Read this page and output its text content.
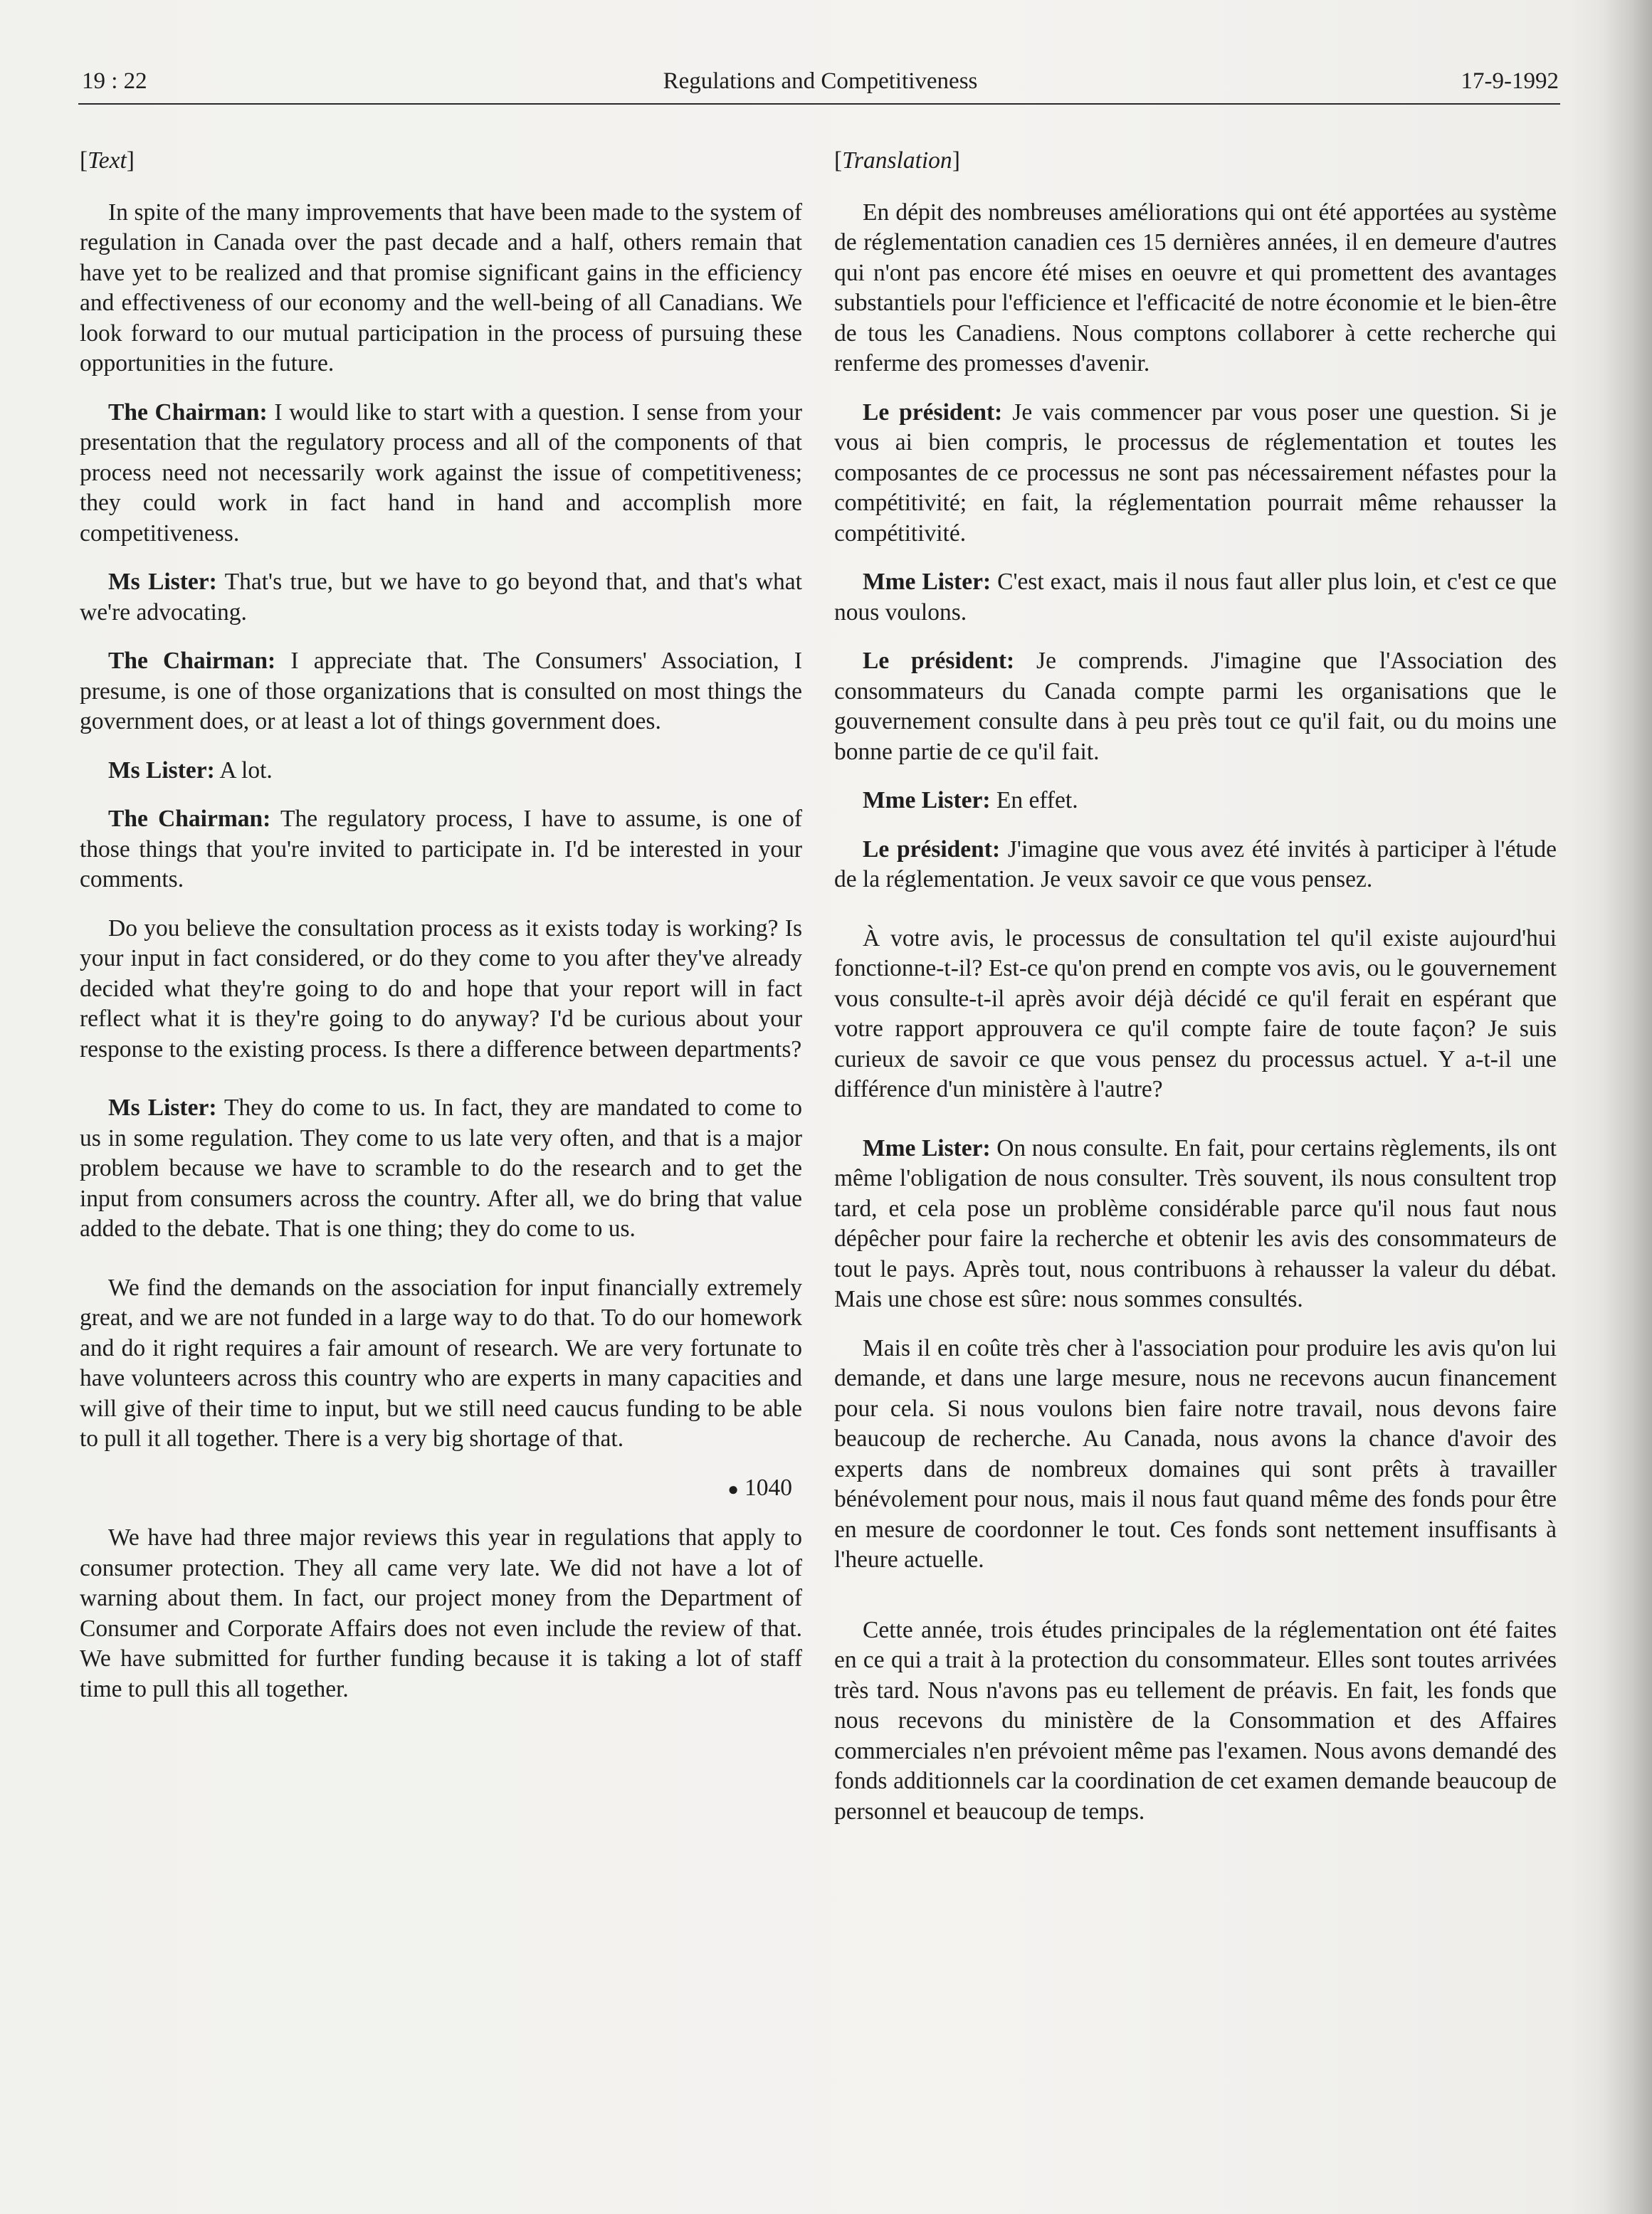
Regulations and Competitiveness
19 : 22	17-9-1992

[Text]

In spite of the many improvements that have been made to the system of regulation in Canada over the past decade and a half, others remain that have yet to be realized and that promise significant gains in the efficiency and effectiveness of our economy and the well-being of all Canadians. We look forward to our mutual participation in the process of pursuing these opportunities in the future.

The Chairman: I would like to start with a question. I sense from your presentation that the regulatory process and all of the components of that process need not necessarily work against the issue of competitiveness; they could work in fact hand in hand and accomplish more competitiveness.

Ms Lister: That's true, but we have to go beyond that, and that's what we're advocating.

The Chairman: I appreciate that. The Consumers' Association, I presume, is one of those organizations that is consulted on most things the government does, or at least a lot of things government does.

Ms Lister: A lot.

The Chairman: The regulatory process, I have to assume, is one of those things that you're invited to participate in. I'd be interested in your comments.

Do you believe the consultation process as it exists today is working? Is your input in fact considered, or do they come to you after they've already decided what they're going to do and hope that your report will in fact reflect what it is they're going to do anyway? I'd be curious about your response to the existing process. Is there a difference between departments?

Ms Lister: They do come to us. In fact, they are mandated to come to us in some regulation. They come to us late very often, and that is a major problem because we have to scramble to do the research and to get the input from consumers across the country. After all, we do bring that value added to the debate. That is one thing; they do come to us.

We find the demands on the association for input financially extremely great, and we are not funded in a large way to do that. To do our homework and do it right requires a fair amount of research. We are very fortunate to have volunteers across this country who are experts in many capacities and will give of their time to input, but we still need caucus funding to be able to pull it all together. There is a very big shortage of that.

● 1040

We have had three major reviews this year in regulations that apply to consumer protection. They all came very late. We did not have a lot of warning about them. In fact, our project money from the Department of Consumer and Corporate Affairs does not even include the review of that. We have submitted for further funding because it is taking a lot of staff time to pull this all together.

[Translation]

En dépit des nombreuses améliorations qui ont été apportées au système de réglementation canadien ces 15 dernières années, il en demeure d'autres qui n'ont pas encore été mises en oeuvre et qui promettent des avantages substantiels pour l'efficience et l'efficacité de notre économie et le bien-être de tous les Canadiens. Nous comptons collaborer à cette recherche qui renferme des promesses d'avenir.

Le président: Je vais commencer par vous poser une question. Si je vous ai bien compris, le processus de réglementation et toutes les composantes de ce processus ne sont pas nécessairement néfastes pour la compétitivité; en fait, la réglementation pourrait même rehausser la compétitivité.

Mme Lister: C'est exact, mais il nous faut aller plus loin, et c'est ce que nous voulons.

Le président: Je comprends. J'imagine que l'Association des consommateurs du Canada compte parmi les organisations que le gouvernement consulte dans à peu près tout ce qu'il fait, ou du moins une bonne partie de ce qu'il fait.

Mme Lister: En effet.

Le président: J'imagine que vous avez été invités à participer à l'étude de la réglementation. Je veux savoir ce que vous pensez.

À votre avis, le processus de consultation tel qu'il existe aujourd'hui fonctionne-t-il? Est-ce qu'on prend en compte vos avis, ou le gouvernement vous consulte-t-il après avoir déjà décidé ce qu'il ferait en espérant que votre rapport approuvera ce qu'il compte faire de toute façon? Je suis curieux de savoir ce que vous pensez du processus actuel. Y a-t-il une différence d'un ministère à l'autre?

Mme Lister: On nous consulte. En fait, pour certains règlements, ils ont même l'obligation de nous consulter. Très souvent, ils nous consultent trop tard, et cela pose un problème considérable parce qu'il nous faut nous dépêcher pour faire la recherche et obtenir les avis des consommateurs de tout le pays. Après tout, nous contribuons à rehausser la valeur du débat. Mais une chose est sûre: nous sommes consultés.

Mais il en coûte très cher à l'association pour produire les avis qu'on lui demande, et dans une large mesure, nous ne recevons aucun financement pour cela. Si nous voulons bien faire notre travail, nous devons faire beaucoup de recherche. Au Canada, nous avons la chance d'avoir des experts dans de nombreux domaines qui sont prêts à travailler bénévolement pour nous, mais il nous faut quand même des fonds pour être en mesure de coordonner le tout. Ces fonds sont nettement insuffisants à l'heure actuelle.

Cette année, trois études principales de la réglementation ont été faites en ce qui a trait à la protection du consommateur. Elles sont toutes arrivées très tard. Nous n'avons pas eu tellement de préavis. En fait, les fonds que nous recevons du ministère de la Consommation et des Affaires commerciales n'en prévoient même pas l'examen. Nous avons demandé des fonds additionnels car la coordination de cet examen demande beaucoup de personnel et beaucoup de temps.
